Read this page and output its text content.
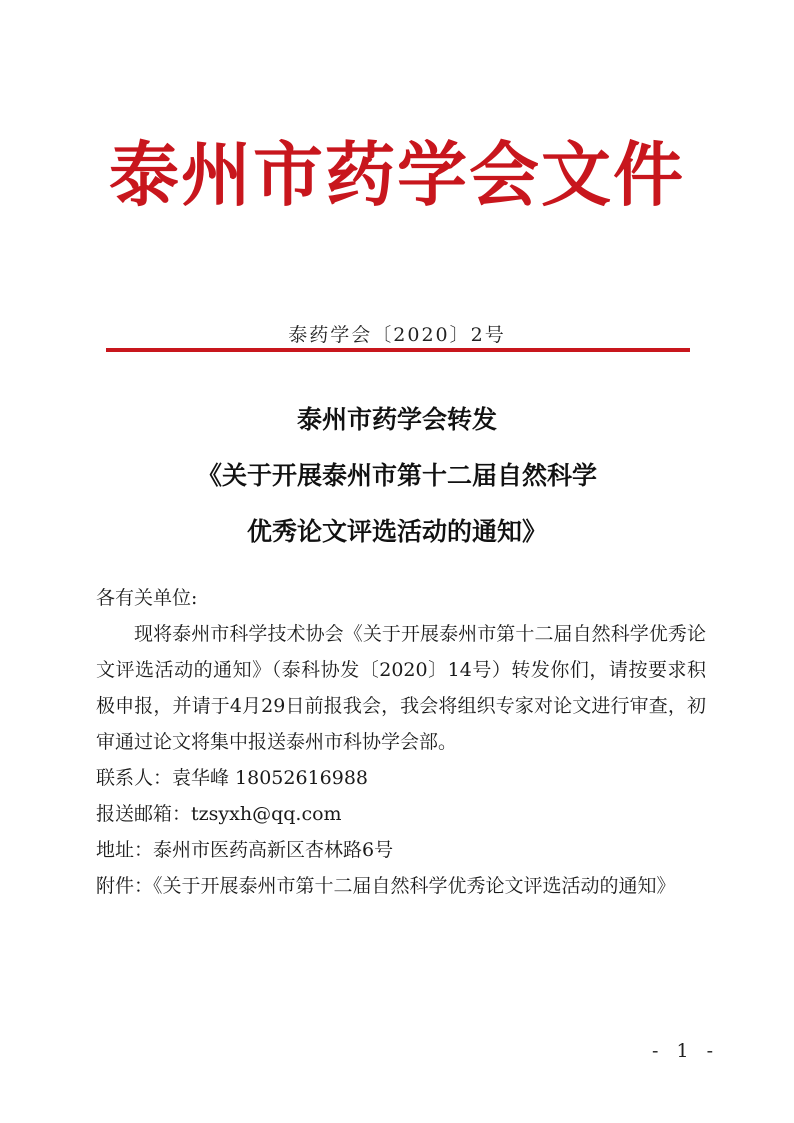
泰州市药学会文件
泰药学会〔2020〕2号
泰州市药学会转发
《关于开展泰州市第十二届自然科学
优秀论文评选活动的通知》

各有关单位:

现将泰州市科学技术协会《关于开展泰州市第十二届自然科学优秀论文评选活动的通知》（泰科协发〔2020〕14号）转发你们，请按要求积极申报，并请于4月29日前报我会，我会将组织专家对论文进行审查，初审通过论文将集中报送泰州市科协学会部。

联系人：袁华峰 18052616988

报送邮箱：tzsyxh@qq.com

地址：泰州市医药高新区杏林路6号

附件：《关于开展泰州市第十二届自然科学优秀论文评选活动的通知》

- 1 -
